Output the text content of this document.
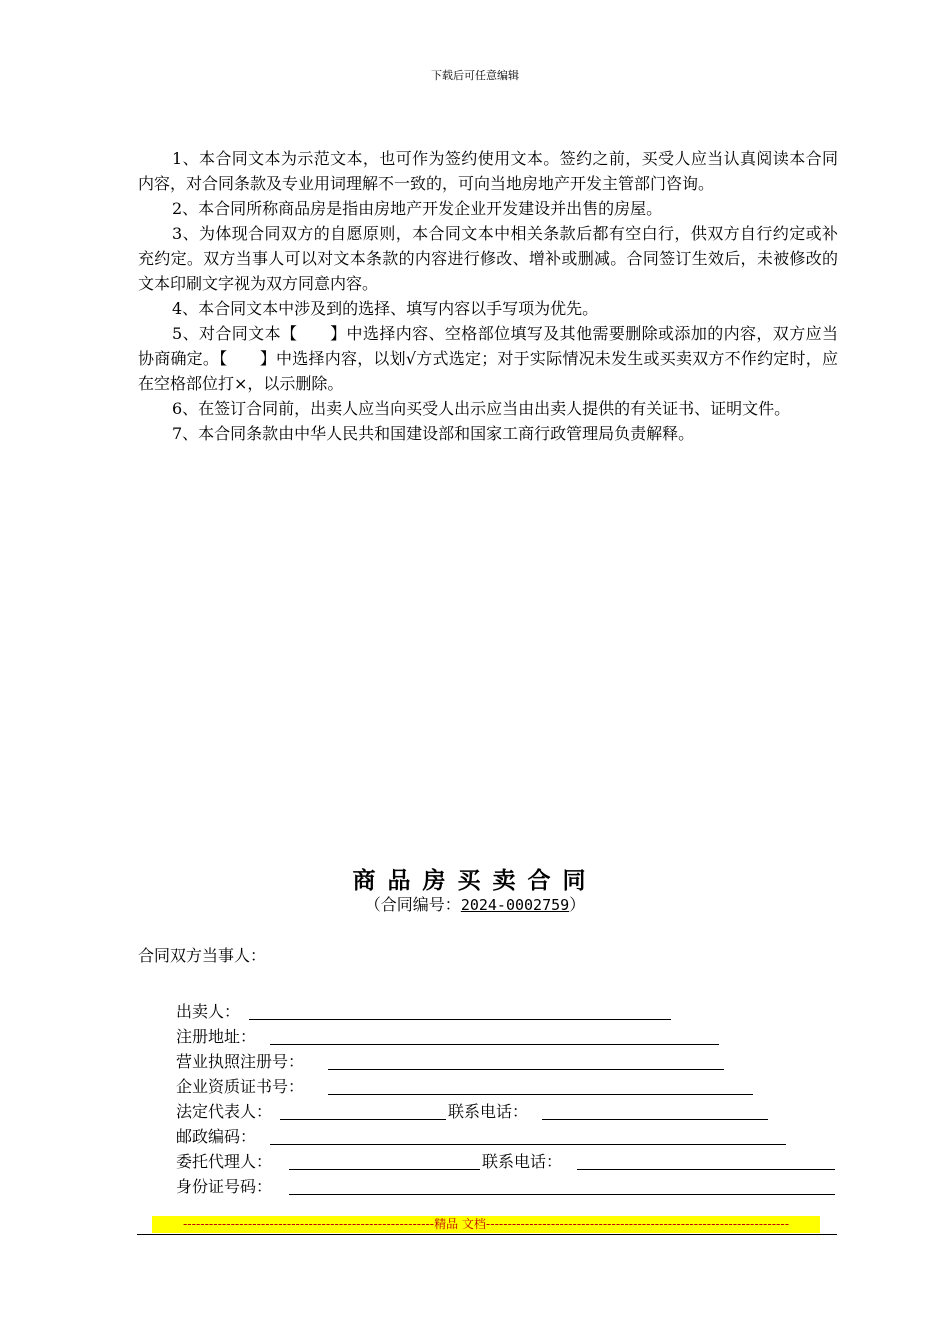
下载后可任意编辑

1、本合同文本为示范文本，也可作为签约使用文本。签约之前，买受人应当认真阅读本合同内容，对合同条款及专业用词理解不一致的，可向当地房地产开发主管部门咨询。

2、本合同所称商品房是指由房地产开发企业开发建设并出售的房屋。

3、为体现合同双方的自愿原则，本合同文本中相关条款后都有空白行，供双方自行约定或补充约定。双方当事人可以对文本条款的内容进行修改、增补或删减。合同签订生效后，未被修改的文本印刷文字视为双方同意内容。

4、本合同文本中涉及到的选择、填写内容以手写项为优先。

5、对合同文本【　　】中选择内容、空格部位填写及其他需要删除或添加的内容，双方应当协商确定。【　　】中选择内容，以划√方式选定；对于实际情况未发生或买卖双方不作约定时，应在空格部位打×，以示删除。

6、在签订合同前，出卖人应当向买受人出示应当由出卖人提供的有关证书、证明文件。

7、本合同条款由中华人民共和国建设部和国家工商行政管理局负责解释。

商品房买卖合同
（合同编号：2024-0002759）
合同双方当事人：
出卖人：
注册地址：
营业执照注册号：
企业资质证书号：
法定代表人：	联系电话：
邮政编码：
委托代理人：	联系电话：
身份证号码：
----------------------------------------------------------精品 文档----------------------------------------------------------------------
